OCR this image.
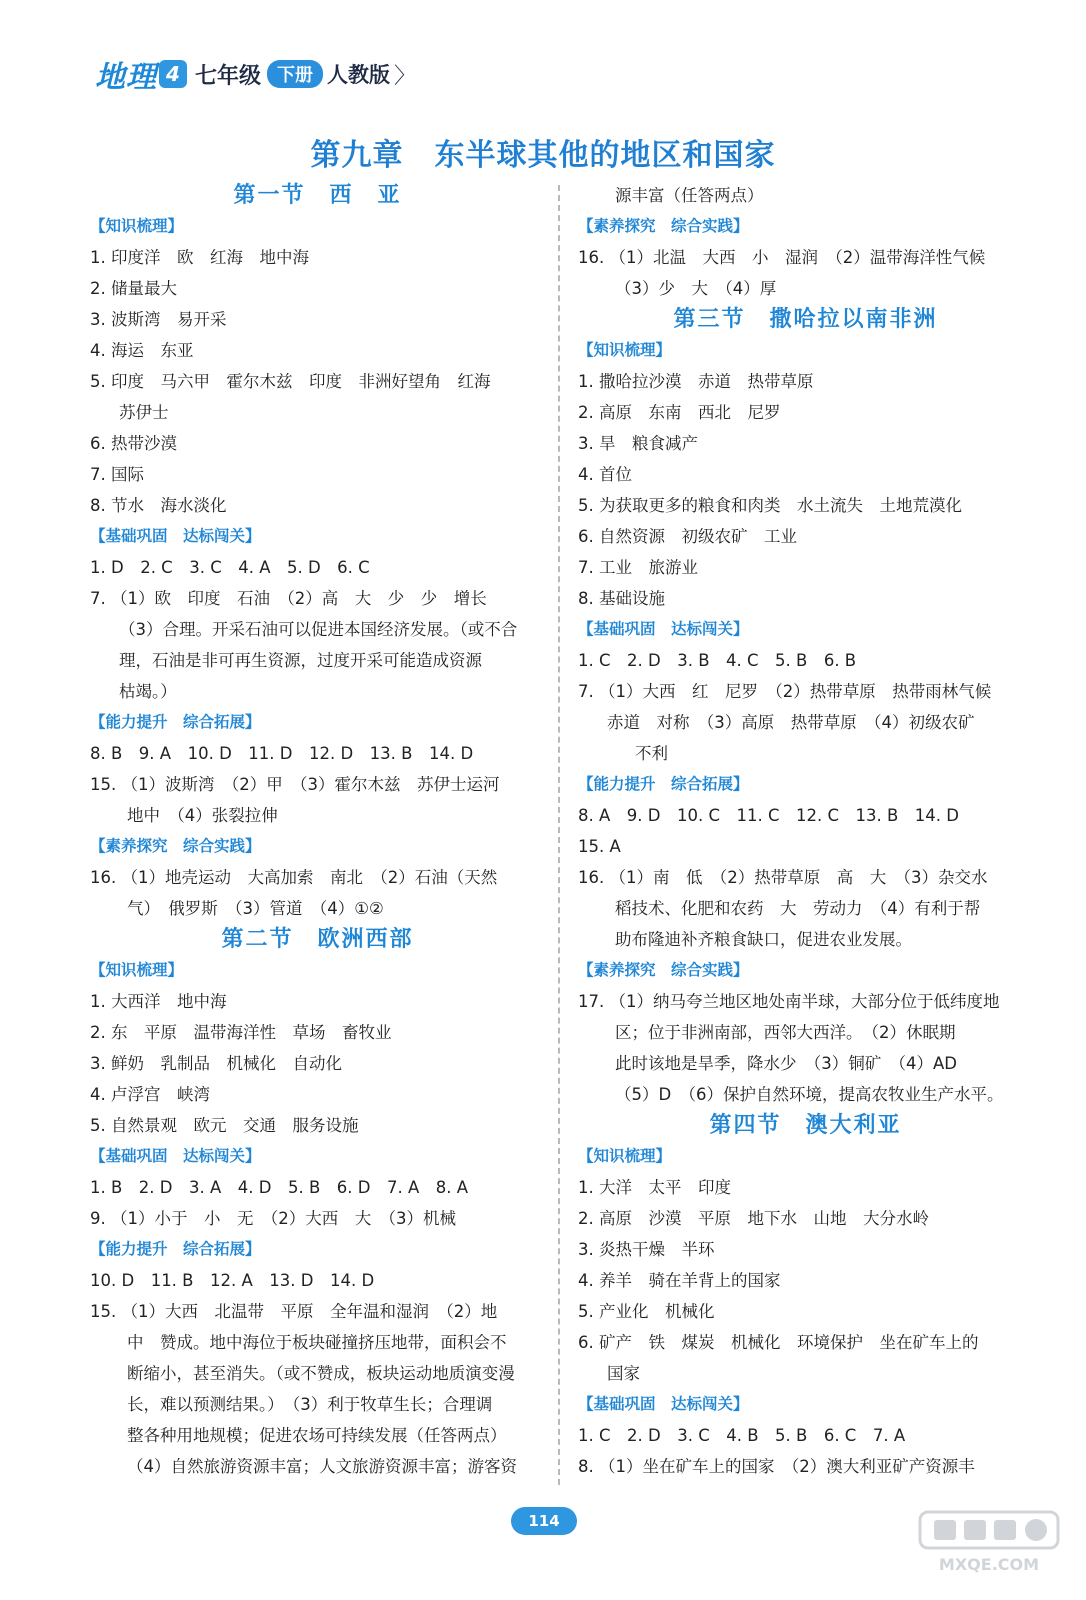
地理 4 七年级 下册 人教版 〉
第九章　东半球其他的地区和国家
第一节　西　亚
【知识梳理】
1. 印度洋　欧　红海　地中海
2. 储量最大
3. 波斯湾　易开采
4. 海运　东亚
5. 印度　马六甲　霍尔木兹　印度　非洲好望角　红海
苏伊士
6. 热带沙漠
7. 国际
8. 节水　海水淡化
【基础巩固　达标闯关】
1. D　2. C　3. C　4. A　5. D　6. C
7. （1）欧　印度　石油　（2）高　大　少　少　增长
（3）合理。开采石油可以促进本国经济发展。（或不合
理，石油是非可再生资源，过度开采可能造成资源
枯竭。）
【能力提升　综合拓展】
8. B　9. A　10. D　11. D　12. D　13. B　14. D
15. （1）波斯湾　（2）甲　（3）霍尔木兹　苏伊士运河
地中　（4）张裂拉伸
【素养探究　综合实践】
16. （1）地壳运动　大高加索　南北　（2）石油（天然
气）　俄罗斯　（3）管道　（4）①②
第二节　欧洲西部
【知识梳理】
1. 大西洋　地中海
2. 东　平原　温带海洋性　草场　畜牧业
3. 鲜奶　乳制品　机械化　自动化
4. 卢浮宫　峡湾
5. 自然景观　欧元　交通　服务设施
【基础巩固　达标闯关】
1. B　2. D　3. A　4. D　5. B　6. D　7. A　8. A
9. （1）小于　小　无　（2）大西　大　（3）机械
【能力提升　综合拓展】
10. D　11. B　12. A　13. D　14. D
15. （1）大西　北温带　平原　全年温和湿润　（2）地
中　赞成。地中海位于板块碰撞挤压地带，面积会不
断缩小，甚至消失。（或不赞成，板块运动地质演变漫
长，难以预测结果。）　（3）利于牧草生长；合理调
整各种用地规模；促进农场可持续发展（任答两点）
（4）自然旅游资源丰富；人文旅游资源丰富；游客资
源丰富（任答两点）
【素养探究　综合实践】
16. （1）北温　大西　小　湿润　（2）温带海洋性气候
（3）少　大　（4）厚
第三节　撒哈拉以南非洲
【知识梳理】
1. 撒哈拉沙漠　赤道　热带草原
2. 高原　东南　西北　尼罗
3. 旱　粮食减产
4. 首位
5. 为获取更多的粮食和肉类　水土流失　土地荒漠化
6. 自然资源　初级农矿　工业
7. 工业　旅游业
8. 基础设施
【基础巩固　达标闯关】
1. C　2. D　3. B　4. C　5. B　6. B
7. （1）大西　红　尼罗　（2）热带草原　热带雨林气候
赤道　对称　（3）高原　热带草原　（4）初级农矿
不利
【能力提升　综合拓展】
8. A　9. D　10. C　11. C　12. C　13. B　14. D
15. A
16. （1）南　低　（2）热带草原　高　大　（3）杂交水
稻技术、化肥和农药　大　劳动力　（4）有利于帮
助布隆迪补齐粮食缺口，促进农业发展。
【素养探究　综合实践】
17. （1）纳马夸兰地区地处南半球，大部分位于低纬度地
区；位于非洲南部，西邻大西洋。　（2）休眠期
此时该地是旱季，降水少　（3）铜矿　（4）AD
（5）D　（6）保护自然环境，提高农牧业生产水平。
第四节　澳大利亚
【知识梳理】
1. 大洋　太平　印度
2. 高原　沙漠　平原　地下水　山地　大分水岭
3. 炎热干燥　半环
4. 养羊　骑在羊背上的国家
5. 产业化　机械化
6. 矿产　铁　煤炭　机械化　环境保护　坐在矿车上的
国家
【基础巩固　达标闯关】
1. C　2. D　3. C　4. B　5. B　6. C　7. A
8. （1）坐在矿车上的国家　（2）澳大利亚矿产资源丰
114
MXQE.COM
